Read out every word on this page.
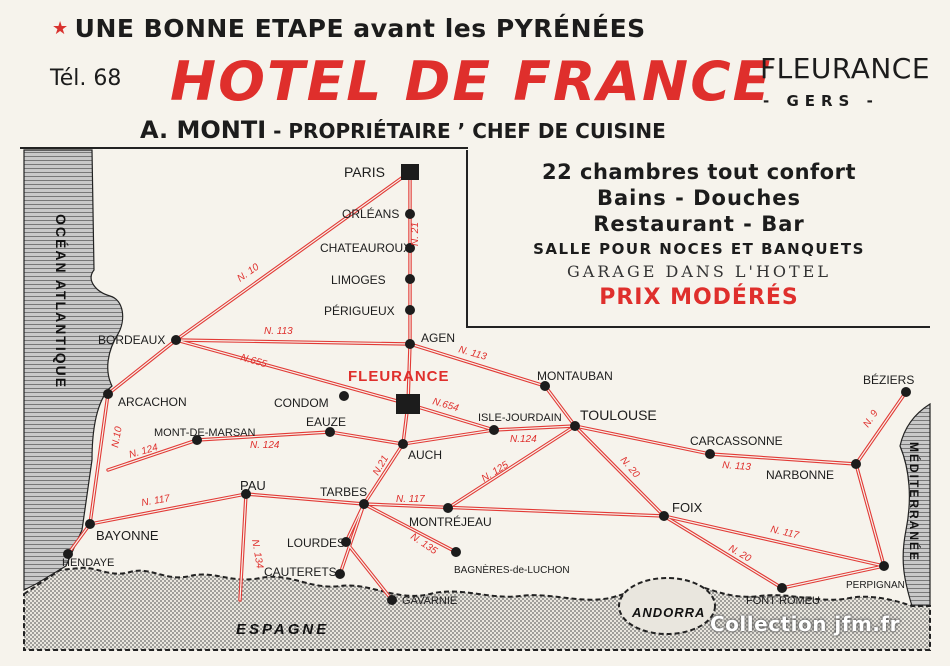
★ UNE BONNE ETAPE avant les PYRÉNÉES
Tél. 68 HOTEL DE FRANCE
FLEURANCE
- GERS -
A. MONTI - PROPRIÉTAIRE ’ CHEF DE CUISINE
OCÉAN ATLANTIQUE
MÉDITERRANÉE
ESPAGNE
ANDORRA
PARIS
ORLÉANS
CHATEAUROUX
LIMOGES
PÉRIGUEUX
AGEN
BORDEAUX
ARCACHON	CONDOM
MONTAUBAN	BÉZIERS
ISLE-JOURDAIN TOULOUSE
MONT-DE-MARSAN
EAUZE
AUCH
CARCASSONNE
NARBONNE
PAU	TARBES
MONTRÉJEAU
FOIX
BAYONNE
HENDAYE
LOURDES
CAUTERETS	BAGNÈRES-de-LUCHON
GAVARNIE	FONT-ROMEU
PERPIGNAN
FLEURANCE
N. 10
N. 21
N. 113
N.655	N. 113
N.654
N.10
N. 124	N. 124
N.124
N. 125
N.21
N. 117	N. 117
N. 117
N. 20
N. 20
N. 113
N. 9
N. 134	N. 135
22 chambres tout confort
Bains - Douches
Restaurant - Bar
SALLE POUR NOCES ET BANQUETS
GARAGE DANS L'HOTEL
PRIX MODÉRÉS
Collection jfm.fr
